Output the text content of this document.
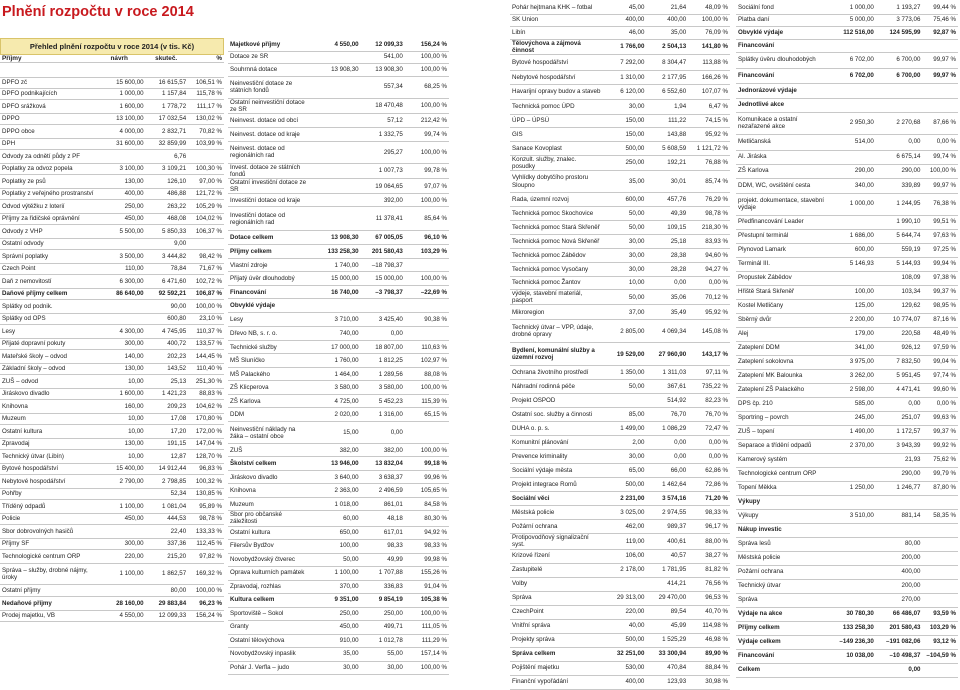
Plnění rozpočtu v roce 2014
Přehled plnění rozpočtu v roce 2014 (v tis. Kč)
Příjmy	návrh	skuteč.	%

DPFO zč	15 600,00	16 615,57	106,51 %
DPFO podnikajících	1 000,00	1 157,84	115,78 %
DPFO srážková	1 600,00	1 778,72	111,17 %
DPPO	13 100,00	17 032,54	130,02 %
DPPO obce	4 000,00	2 832,71	70,82 %
DPH	31 600,00	32 859,99	103,99 %
Odvody za odnětí půdy z PF		6,76	
Poplatky za odvoz popela	3 100,00	3 109,21	100,30 %
Poplatky ze psů	130,00	126,10	97,00 %
Poplatky z veřejného prostranství	400,00	486,88	121,72 %
Odvod výtěžku z loterií	250,00	263,22	105,29 %
Příjmy za řidičské oprávnění	450,00	468,08	104,02 %
Odvody z VHP	5 500,00	5 850,33	106,37 %
Ostatní odvody		9,00	
Správní poplatky	3 500,00	3 444,82	98,42 %
Czech Point	110,00	78,84	71,67 %
Daň z nemovitostí	6 300,00	6 471,60	102,72 %
Daňové příjmy celkem	86 640,00	92 592,21	106,87 %
Splátky od podnik.		90,00	100,00 %
Splátky od OPS		600,80	23,10 %
Lesy	4 300,00	4 745,95	110,37 %
Přijaté dopravní pokuty	300,00	400,72	133,57 %
Mateřské školy – odvod	140,00	202,23	144,45 %
Základní školy – odvod	130,00	143,52	110,40 %
ZUŠ – odvod	10,00	25,13	251,30 %
Jiráskovo divadlo	1 600,00	1 421,23	88,83 %
Knihovna	160,00	209,23	104,62 %
Muzeum	10,00	17,08	170,80 %
Ostatní kultura	10,00	17,20	172,00 %
Zpravodaj	130,00	191,15	147,04 %
Technický útvar (Libín)	10,00	12,87	128,70 %
Bytové hospodářství	15 400,00	14 912,44	96,83 %
Nebytové hospodářství	2 790,00	2 798,85	100,32 %
Pohřby		52,34	130,85 %
Tříděný odpadů	1 100,00	1 081,04	95,89 %
Policie	450,00	444,53	98,78 %
Sbor dobrovolných hasičů		22,40	133,33 %
Příjmy SF	300,00	337,36	112,45 %
Technologické centrum ORP	220,00	215,20	97,82 %
Správa – služby, drobné nájmy, úroky	1 100,00	1 862,57	169,32 %
Ostatní příjmy		80,00	100,00 %
Nedaňové příjmy	28 160,00	29 883,84	96,23 %
Prodej majetku, VB	4 550,00	12 099,33	156,24 %
Majetkové příjmy	4 550,00	12 099,33	156,24 %
Dotace ze SR		541,00	100,00 %
Souhrnná dotace	13 908,30	13 908,30	100,00 %
Neinvestiční dotace ze státních fondů		557,34	68,25 %
Ostatní neinvestiční dotace ze SR		18 470,48	100,00 %
Neinvest. dotace od obcí		57,12	212,42 %
Neinvest. dotace od kraje		1 332,75	99,74 %
Neinvest. dotace od regionálních rad		295,27	100,00 %
Invest. dotace ze státních fondů		1 007,73	99,78 %
Ostatní investiční dotace ze SR		19 064,65	97,07 %
Investiční dotace od kraje		392,00	100,00 %
Investiční dotace od regionálních rad		11 378,41	85,64 %
Dotace celkem	13 908,30	67 005,05	96,10 %
Příjmy celkem	133 258,30	201 580,43	103,29 %
Vlastní zdroje	1 740,00	–18 798,37	
Přijatý úvěr dlouhodobý	15 000,00	15 000,00	100,00 %
Financování	16 740,00	–3 798,37	–22,69 %
Obvyklé výdaje			
Lesy	3 710,00	3 425,40	90,38 %
Dřevo NB, s. r. o.	740,00	0,00	
Technické služby	17 000,00	18 807,00	110,63 %
MŠ Sluníčko	1 760,00	1 812,25	102,97 %
MŠ Palackého	1 464,00	1 289,56	88,08 %
ZŠ Klicperova	3 580,00	3 580,00	100,00 %
ZŠ Karlova	4 725,00	5 452,23	115,39 %
DDM	2 020,00	1 316,00	65,15 %
Neinvestiční náklady na žáka – ostatní obce	15,00	0,00	
ZUŠ	382,00	382,00	100,00 %
Školství celkem	13 946,00	13 832,04	99,18 %
Jiráskovo divadlo	3 640,00	3 638,37	99,96 %
Knihovna	2 363,00	2 496,59	105,65 %
Muzeum	1 018,00	861,01	84,58 %
Sbor pro občanské záležitosti	60,00	48,18	80,30 %
Ostatní kultura	650,00	617,01	94,92 %
Filersův Bydžov	100,00	98,33	98,33 %
Novobydžovský čtvereс	50,00	49,99	99,98 %
Oprava kulturních památek	1 100,00	1 707,88	155,26 %
Zpravodaj, rozhlas	370,00	336,83	91,04 %
Kultura celkem	9 351,00	9 854,19	105,38 %
Sportoviště – Sokol	250,00	250,00	100,00 %
Granty	450,00	499,71	111,05 %
Ostatní tělovýchova	910,00	1 012,78	111,29 %
Novobydžovský inpaslik	35,00	55,00	157,14 %
Pohár J. Verfla – judo	30,00	30,00	100,00 %
Pohár hejtmana KHK – fotbal	45,00	21,64	48,09 %
SK Union	400,00	400,00	100,00 %
Libín	46,00	35,00	76,09 %
Tělovýchova a zájmová činnost	1 766,00	2 504,13	141,80 %
Bytové hospodářství	7 292,00	8 304,47	113,88 %
Nebytové hospodářství	1 310,00	2 177,95	166,26 %
Havarijní opravy budov a staveb	6 120,00	6 552,60	107,07 %
Technická pomoc ÚPD	30,00	1,94	6,47 %
ÚPD – ÚPSÚ	150,00	111,22	74,15 %
GIS	150,00	143,88	95,92 %
Sanace Kovoplast	500,00	5 608,59	1 121,72 %
Konzult. služby, znalec. posudky	250,00	192,21	76,88 %
Vyhlídky dobytčího prostoru Sloupno	35,00	30,01	85,74 %
Rada, územní rozvoj	600,00	457,76	76,29 %
Technická pomoc Skochovice	50,00	49,39	98,78 %
Technická pomoc Stará Skřeněř	50,00	109,15	218,30 %
Technická pomoc Nová Skřeněř	30,00	25,18	83,93 %
Technická pomoc Zábědov	30,00	28,38	94,60 %
Technická pomoc Vysočany	30,00	28,28	94,27 %
Technická pomoc Žantov	10,00	0,00	0,00 %
výdeje, stavební materiál, pasport	50,00	35,06	70,12 %
Mikroregion	37,00	35,49	95,92 %
Technický útvar – VPP, údaje, drobné opravy	2 805,00	4 069,34	145,08 %
Bydlení, komunální služby a územní rozvoj	19 529,00	27 960,90	143,17 %
Ochrana životního prostředí	1 350,00	1 311,03	97,11 %
Náhradní rodinná péče	50,00	367,61	735,22 %
Projekt OSPOD		514,92	82,23 %
Ostatní soc. služby a činnosti	85,00	76,70	76,70 %
DUHA o. p. s.	1 499,00	1 086,29	72,47 %
Komunitní plánování	2,00	0,00	0,00 %
Prevence kriminality	30,00	0,00	0,00 %
Sociální výdaje města	65,00	66,00	62,86 %
Projekt integrace Romů	500,00	1 462,64	72,86 %
Sociální věci	2 231,00	3 574,16	71,20 %
Městská policie	3 025,00	2 974,55	98,33 %
Požární ochrana	462,00	989,37	96,17 %
Protipovodňový signalizační syst.	119,00	400,61	88,00 %
Krizové řízení	106,00	40,57	38,27 %
Zastupitelé	2 178,00	1 781,95	81,82 %
Volby		414,21	76,56 %
Správa	29 313,00	29 470,00	96,53 %
CzechPoint	220,00	89,54	40,70 %
Vnitřní správa	40,00	45,99	114,98 %
Projekty správa	500,00	1 525,29	46,98 %
Správa celkem	32 251,00	33 300,94	89,90 %
Pojištění majetku	530,00	470,84	88,84 %
Finanční vypořádání	400,00	123,93	30,98 %
Sociální fond	1 000,00	1 193,27	99,44 %
Platba daní	5 000,00	3 773,06	75,46 %
Obvyklé výdaje	112 516,00	124 595,99	92,87 %
Financování			
Splátky úvěru dlouhodobých	6 702,00	6 700,00	99,97 %
Financování	6 702,00	6 700,00	99,97 %
Jednorázové výdaje			
Jednotlivé akce			
Komunikace a ostatní nezařazené akce	2 950,30	2 270,68	87,66 %
Metličanská	514,00	0,00	0,00 %
Al. Jiráska		6 675,14	99,74 %
ZŠ Karlova	290,00	290,00	100,00 %
DDM, WC, ovsištění cesta	340,00	339,89	99,97 %
projekt. dokumentace, stavební výdaje	1 000,00	1 244,95	76,38 %
Předfinancování Leader		1 990,10	99,51 %
Přestupní terminál	1 686,00	5 644,74	97,63 %
Plynovod Lamark	600,00	559,19	97,25 %
Terminál III.	5 146,93	5 144,93	99,94 %
Propustek Zábědov		108,09	97,38 %
Hřiště Stará Skřeněř	100,00	103,34	99,37 %
Kostel Metličany	125,00	129,62	98,95 %
Sběrný dvůr	2 200,00	10 774,07	87,16 %
Alej	179,00	220,58	48,49 %
Zateplení DDM	341,00	926,12	97,59 %
Zateplení sokolovna	3 975,00	7 832,50	99,04 %
Zateplení MK Balounka	3 262,00	5 951,45	97,74 %
Zateplení ZŠ Palackého	2 598,00	4 471,41	99,60 %
DPS čp. 210	585,00	0,00	0,00 %
Sportring – povrch	245,00	251,07	99,63 %
ZUŠ – topení	1 490,00	1 172,57	99,37 %
Separace a třídění odpadů	2 370,00	3 943,39	99,92 %
Kamerový systém		21,93	75,62 %
Technologické centrum ORP		290,00	99,79 %
Topení Měkka	1 250,00	1 246,77	87,80 %
Výkupy			
Výkupy	3 510,00	881,14	58,35 %
Nákup investic			
Správa lesů		80,00	
Městská policie		200,00	
Požární ochrana		400,00	
Technický útvar		200,00	
Správa		270,00	
Výdaje na akce	30 780,30	66 486,07	93,59 %
Příjmy celkem	133 258,30	201 580,43	103,29 %
Výdaje celkem	–149 236,30	–191 082,06	93,12 %
Financování	10 038,00	–10 498,37	–104,59 %
Celkem		0,00	
